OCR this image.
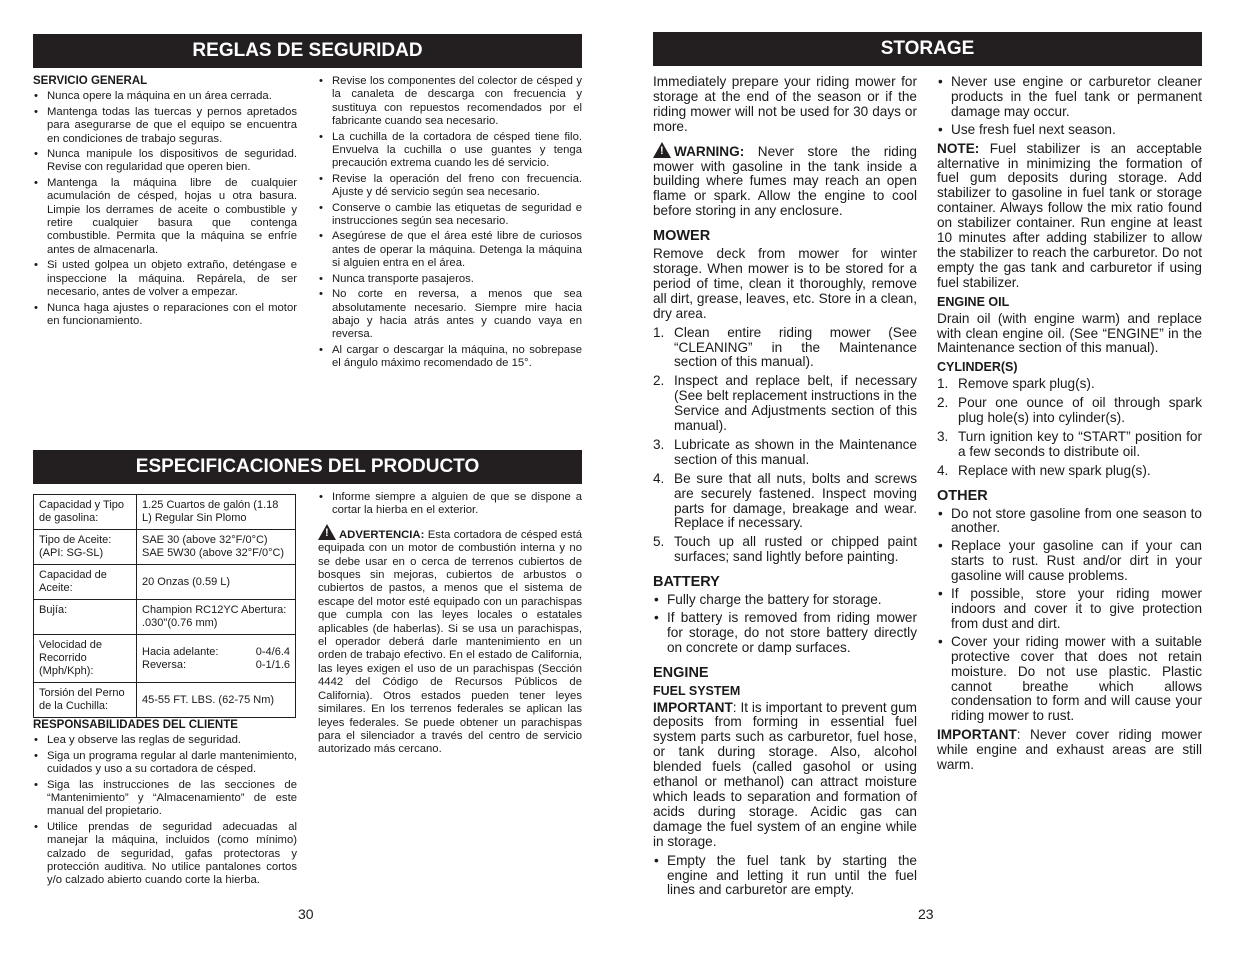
REGLAS DE SEGURIDAD
SERVICIO GENERAL
• Nunca opere la máquina en un área cerrada.
• Mantenga todas las tuercas y pernos apretados para asegurarse de que el equipo se encuentra en condiciones de trabajo seguras.
• Nunca manipule los dispositivos de seguridad. Revise con regularidad que operen bien.
• Mantenga la máquina libre de cualquier acumulación de césped, hojas u otra basura. Limpie los derrames de aceite o combustible y retire cualquier basura que contenga combustible. Permita que la máquina se enfríe antes de almacenarla.
• Si usted golpea un objeto extraño, deténgase e inspeccione la máquina. Repárela, de ser necesario, antes de volver a empezar.
• Nunca haga ajustes o reparaciones con el motor en funcionamiento.
• Revise los componentes del colector de césped y la canaleta de descarga con frecuencia y sustituya con repuestos recomendados por el fabricante cuando sea necesario.
• La cuchilla de la cortadora de césped tiene filo. Envuelva la cuchilla o use guantes y tenga precaución extrema cuando les dé servicio.
• Revise la operación del freno con frecuencia. Ajuste y dé servicio según sea necesario.
• Conserve o cambie las etiquetas de seguridad e instrucciones según sea necesario.
• Asegúrese de que el área esté libre de curiosos antes de operar la máquina. Detenga la máquina si alguien entra en el área.
• Nunca transporte pasajeros.
• No corte en reversa, a menos que sea absolutamente necesario. Siempre mire hacia abajo y hacia atrás antes y cuando vaya en reversa.
• Al cargar o descargar la máquina, no sobrepase el ángulo máximo recomendado de 15°.
ESPECIFICACIONES DEL PRODUCTO
Capacidad y Tipo de gasolina:	1.25 Cuartos de galón (1.18 L) Regular Sin Plomo
Tipo de Aceite: (API: SG-SL)	SAE 30 (above 32°F/0°C) SAE 5W30 (above 32°F/0°C)
Capacidad de Aceite:	20 Onzas (0.59 L)
Bujía:	Champion RC12YC Abertura: .030"(0.76 mm)
Velocidad de Recorrido (Mph/Kph):	Hacia adelante: 0-4/6.4
Reversa: 0-1/1.6

Torsión del Perno de la Cuchilla:	45-55 FT. LBS. (62-75 Nm)
RESPONSABILIDADES DEL CLIENTE
• Lea y observe las reglas de seguridad.
• Siga un programa regular al darle mantenimiento, cuidados y uso a su cortadora de césped.
• Siga las instrucciones de las secciones de “Mantenimiento” y “Almacenamiento” de este manual del propietario.
• Utilice prendas de seguridad adecuadas al manejar la máquina, incluidos (como mínimo) calzado de seguridad, gafas protectoras y protección auditiva. No utilice pantalones cortos y/o calzado abierto cuando corte la hierba.
• Informe siempre a alguien de que se dispone a cortar la hierba en el exterior.

! ADVERTENCIA: Esta cortadora de césped está equipada con un motor de combustión interna y no se debe usar en o cerca de terrenos cubiertos de bosques sin mejoras, cubiertos de arbustos o cubiertos de pastos, a menos que el sistema de escape del motor esté equipado con un parachispas que cumpla con las leyes locales o estatales aplicables (de haberlas). Si se usa un parachispas, el operador deberá darle mantenimiento en un orden de trabajo efectivo. En el estado de California, las leyes exigen el uso de un parachispas (Sección 4442 del Código de Recursos Públicos de California). Otros estados pueden tener leyes similares. En los terrenos federales se aplican las leyes federales. Se puede obtener un parachispas para el silenciador a través del centro de servicio autorizado más cercano.

30
STORAGE

Immediately prepare your riding mower for storage at the end of the season or if the riding mower will not be used for 30 days or more.

! WARNING: Never store the riding mower with gasoline in the tank inside a building where fumes may reach an open flame or spark. Allow the engine to cool before storing in any enclosure.

MOWER

Remove deck from mower for winter storage. When mower is to be stored for a period of time, clean it thoroughly, remove all dirt, grease, leaves, etc. Store in a clean, dry area.

1. Clean entire riding mower (See “CLEANING” in the Maintenance section of this manual).
2. Inspect and replace belt, if necessary (See belt replacement instructions in the Service and Adjustments section of this manual).
3. Lubricate as shown in the Maintenance section of this manual.
4. Be sure that all nuts, bolts and screws are securely fastened. Inspect moving parts for damage, breakage and wear. Replace if necessary.
5. Touch up all rusted or chipped paint surfaces; sand lightly before painting.
BATTERY
• Fully charge the battery for storage.
• If battery is removed from riding mower for storage, do not store battery directly on concrete or damp surfaces.
ENGINE
FUEL SYSTEM

IMPORTANT: It is important to prevent gum deposits from forming in essential fuel system parts such as carburetor, fuel hose, or tank during storage. Also, alcohol blended fuels (called gasohol or using ethanol or methanol) can attract moisture which leads to separation and formation of acids during storage. Acidic gas can damage the fuel system of an engine while in storage.

• Empty the fuel tank by starting the engine and letting it run until the fuel lines and carburetor are empty.
• Never use engine or carburetor cleaner products in the fuel tank or permanent damage may occur.
• Use fresh fuel next season.

NOTE: Fuel stabilizer is an acceptable alternative in minimizing the formation of fuel gum deposits during storage. Add stabilizer to gasoline in fuel tank or storage container. Always follow the mix ratio found on stabilizer container. Run engine at least 10 minutes after adding stabilizer to allow the stabilizer to reach the carburetor. Do not empty the gas tank and carburetor if using fuel stabilizer.

ENGINE OIL

Drain oil (with engine warm) and replace with clean engine oil. (See “ENGINE” in the Maintenance section of this manual).

CYLINDER(S)
1. Remove spark plug(s).
2. Pour one ounce of oil through spark plug hole(s) into cylinder(s).
3. Turn ignition key to “START” position for a few seconds to distribute oil.
4. Replace with new spark plug(s).
OTHER
• Do not store gasoline from one season to another.
• Replace your gasoline can if your can starts to rust. Rust and/or dirt in your gasoline will cause problems.
• If possible, store your riding mower indoors and cover it to give protection from dust and dirt.
• Cover your riding mower with a suitable protective cover that does not retain moisture. Do not use plastic. Plastic cannot breathe which allows condensation to form and will cause your riding mower to rust.

IMPORTANT: Never cover riding mower while engine and exhaust areas are still warm.

23
